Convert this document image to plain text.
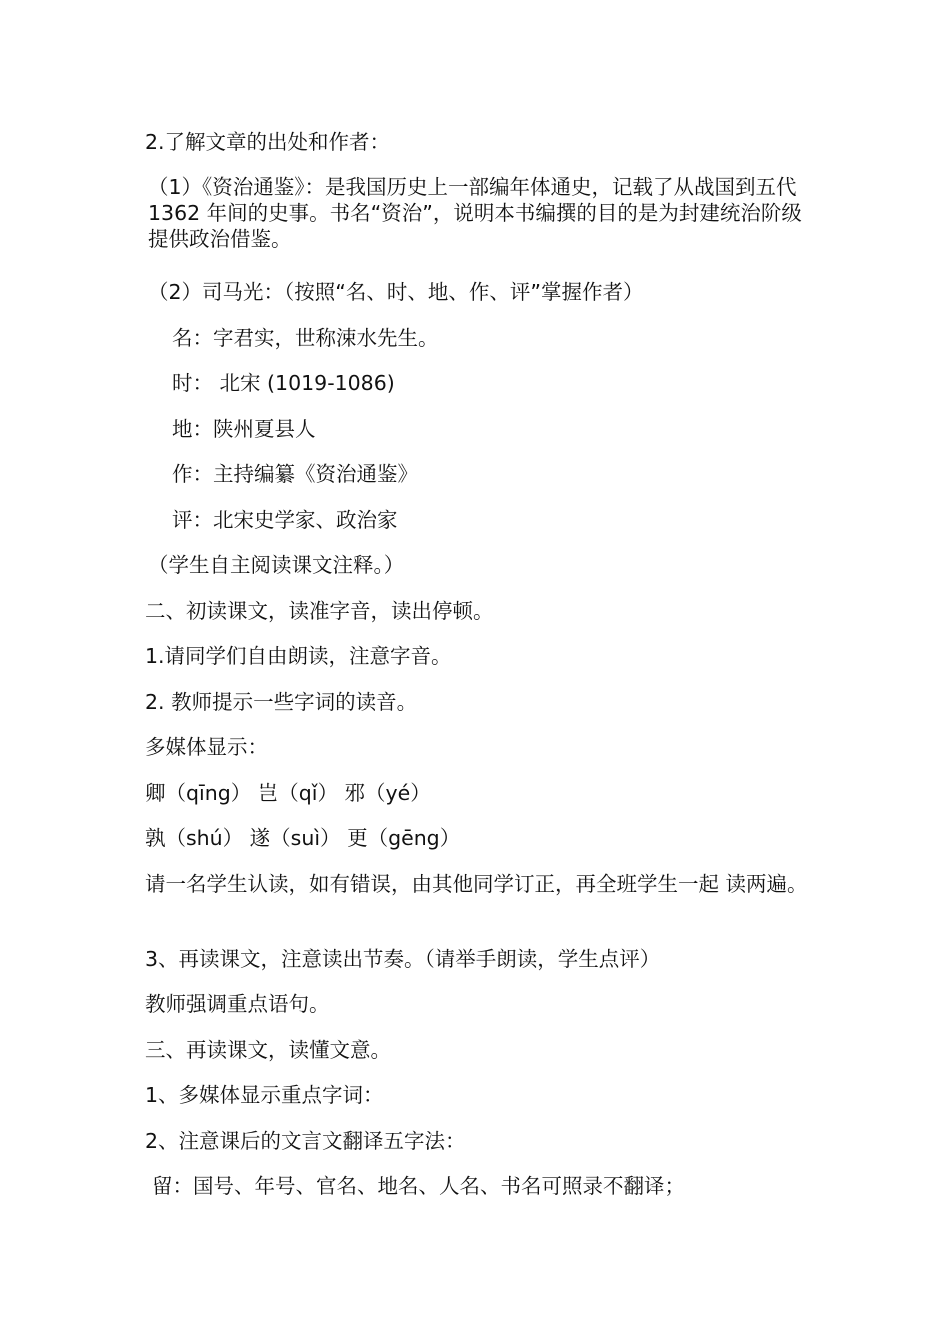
2.了解文章的出处和作者：
（1）《资治通鉴》：是我国历史上一部编年体通史，记载了从战国到五代 1362 年间的史事。书名“资治”，说明本书编撰的目的是为封建统治阶级提供政治借鉴。
（2）司马光：（按照“名、时、地、作、评”掌握作者）
名：字君实，世称涑水先生。
时： 北宋 (1019-1086)
地：陕州夏县人
作：主持编纂《资治通鉴》
评：北宋史学家、政治家
（学生自主阅读课文注释。）
二、初读课文，读准字音，读出停顿。
1.请同学们自由朗读，注意字音。
2. 教师提示一些字词的读音。
多媒体显示：
卿（qīng） 岂（qǐ） 邪（yé）
孰（shú） 遂（suì） 更（gēng）
请一名学生认读，如有错误，由其他同学订正，再全班学生一起 读两遍。
3、再读课文，注意读出节奏。（请举手朗读，学生点评）
教师强调重点语句。
三、再读课文，读懂文意。
1、多媒体显示重点字词：
2、注意课后的文言文翻译五字法：
留：国号、年号、官名、地名、人名、书名可照录不翻译；
